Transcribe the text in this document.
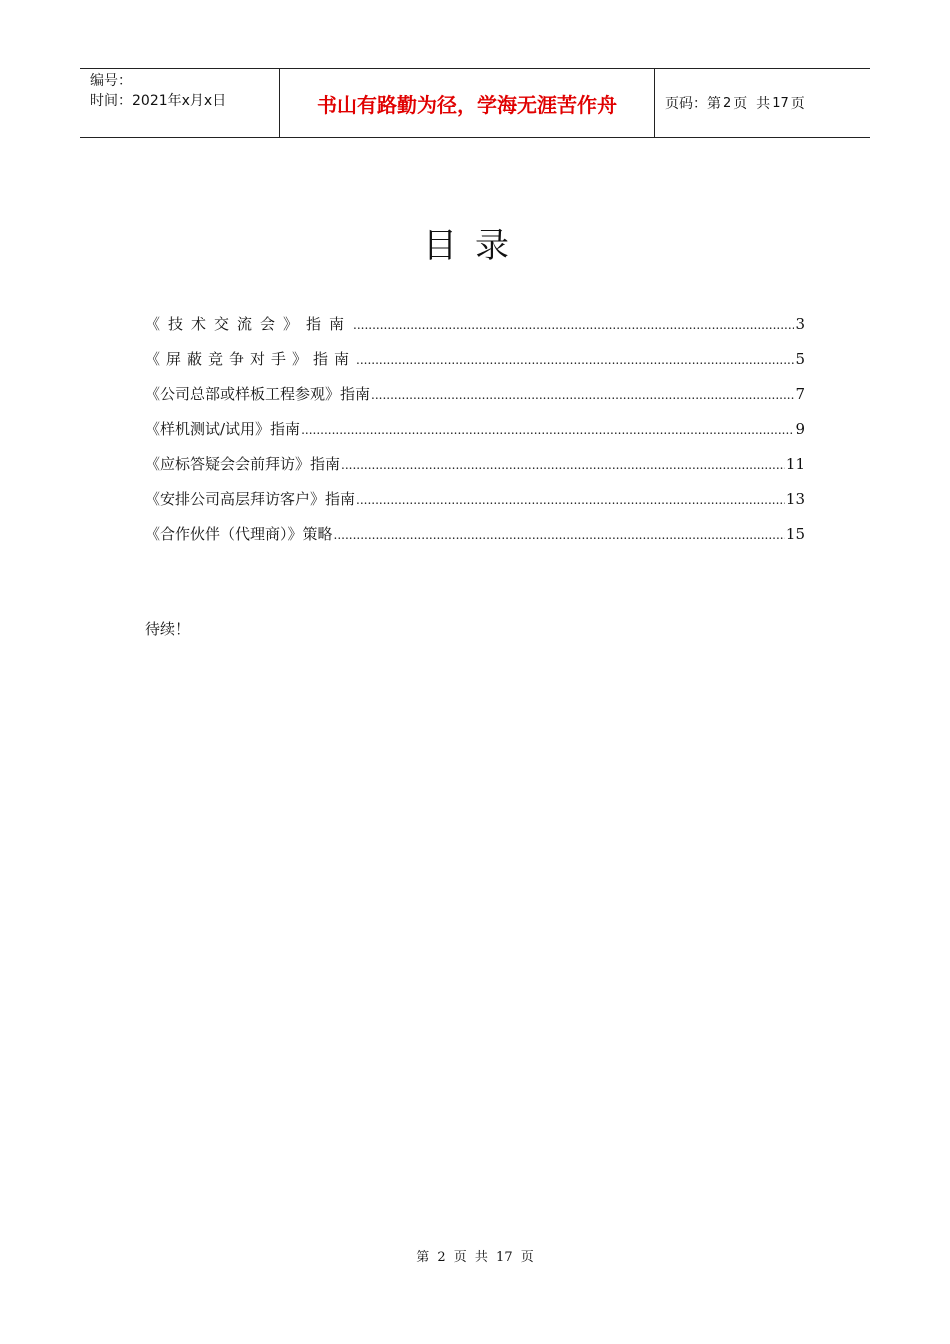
编号：
时间：2021年x月x日	书山有路勤为径，学海无涯苦作舟	页码：第 2 页  共 17 页
目录
《技术交流会》指南 .....	3
《屏蔽竞争对手》指南 .....	5
《公司总部或样板工程参观》指南 .....	7
《样机测试/试用》指南 .....	9
《应标答疑会会前拜访》指南 .....	11
《安排公司高层拜访客户》指南 .....	13
《合作伙伴（代理商）》策略 .....	15
待续！
第 2 页 共 17 页
